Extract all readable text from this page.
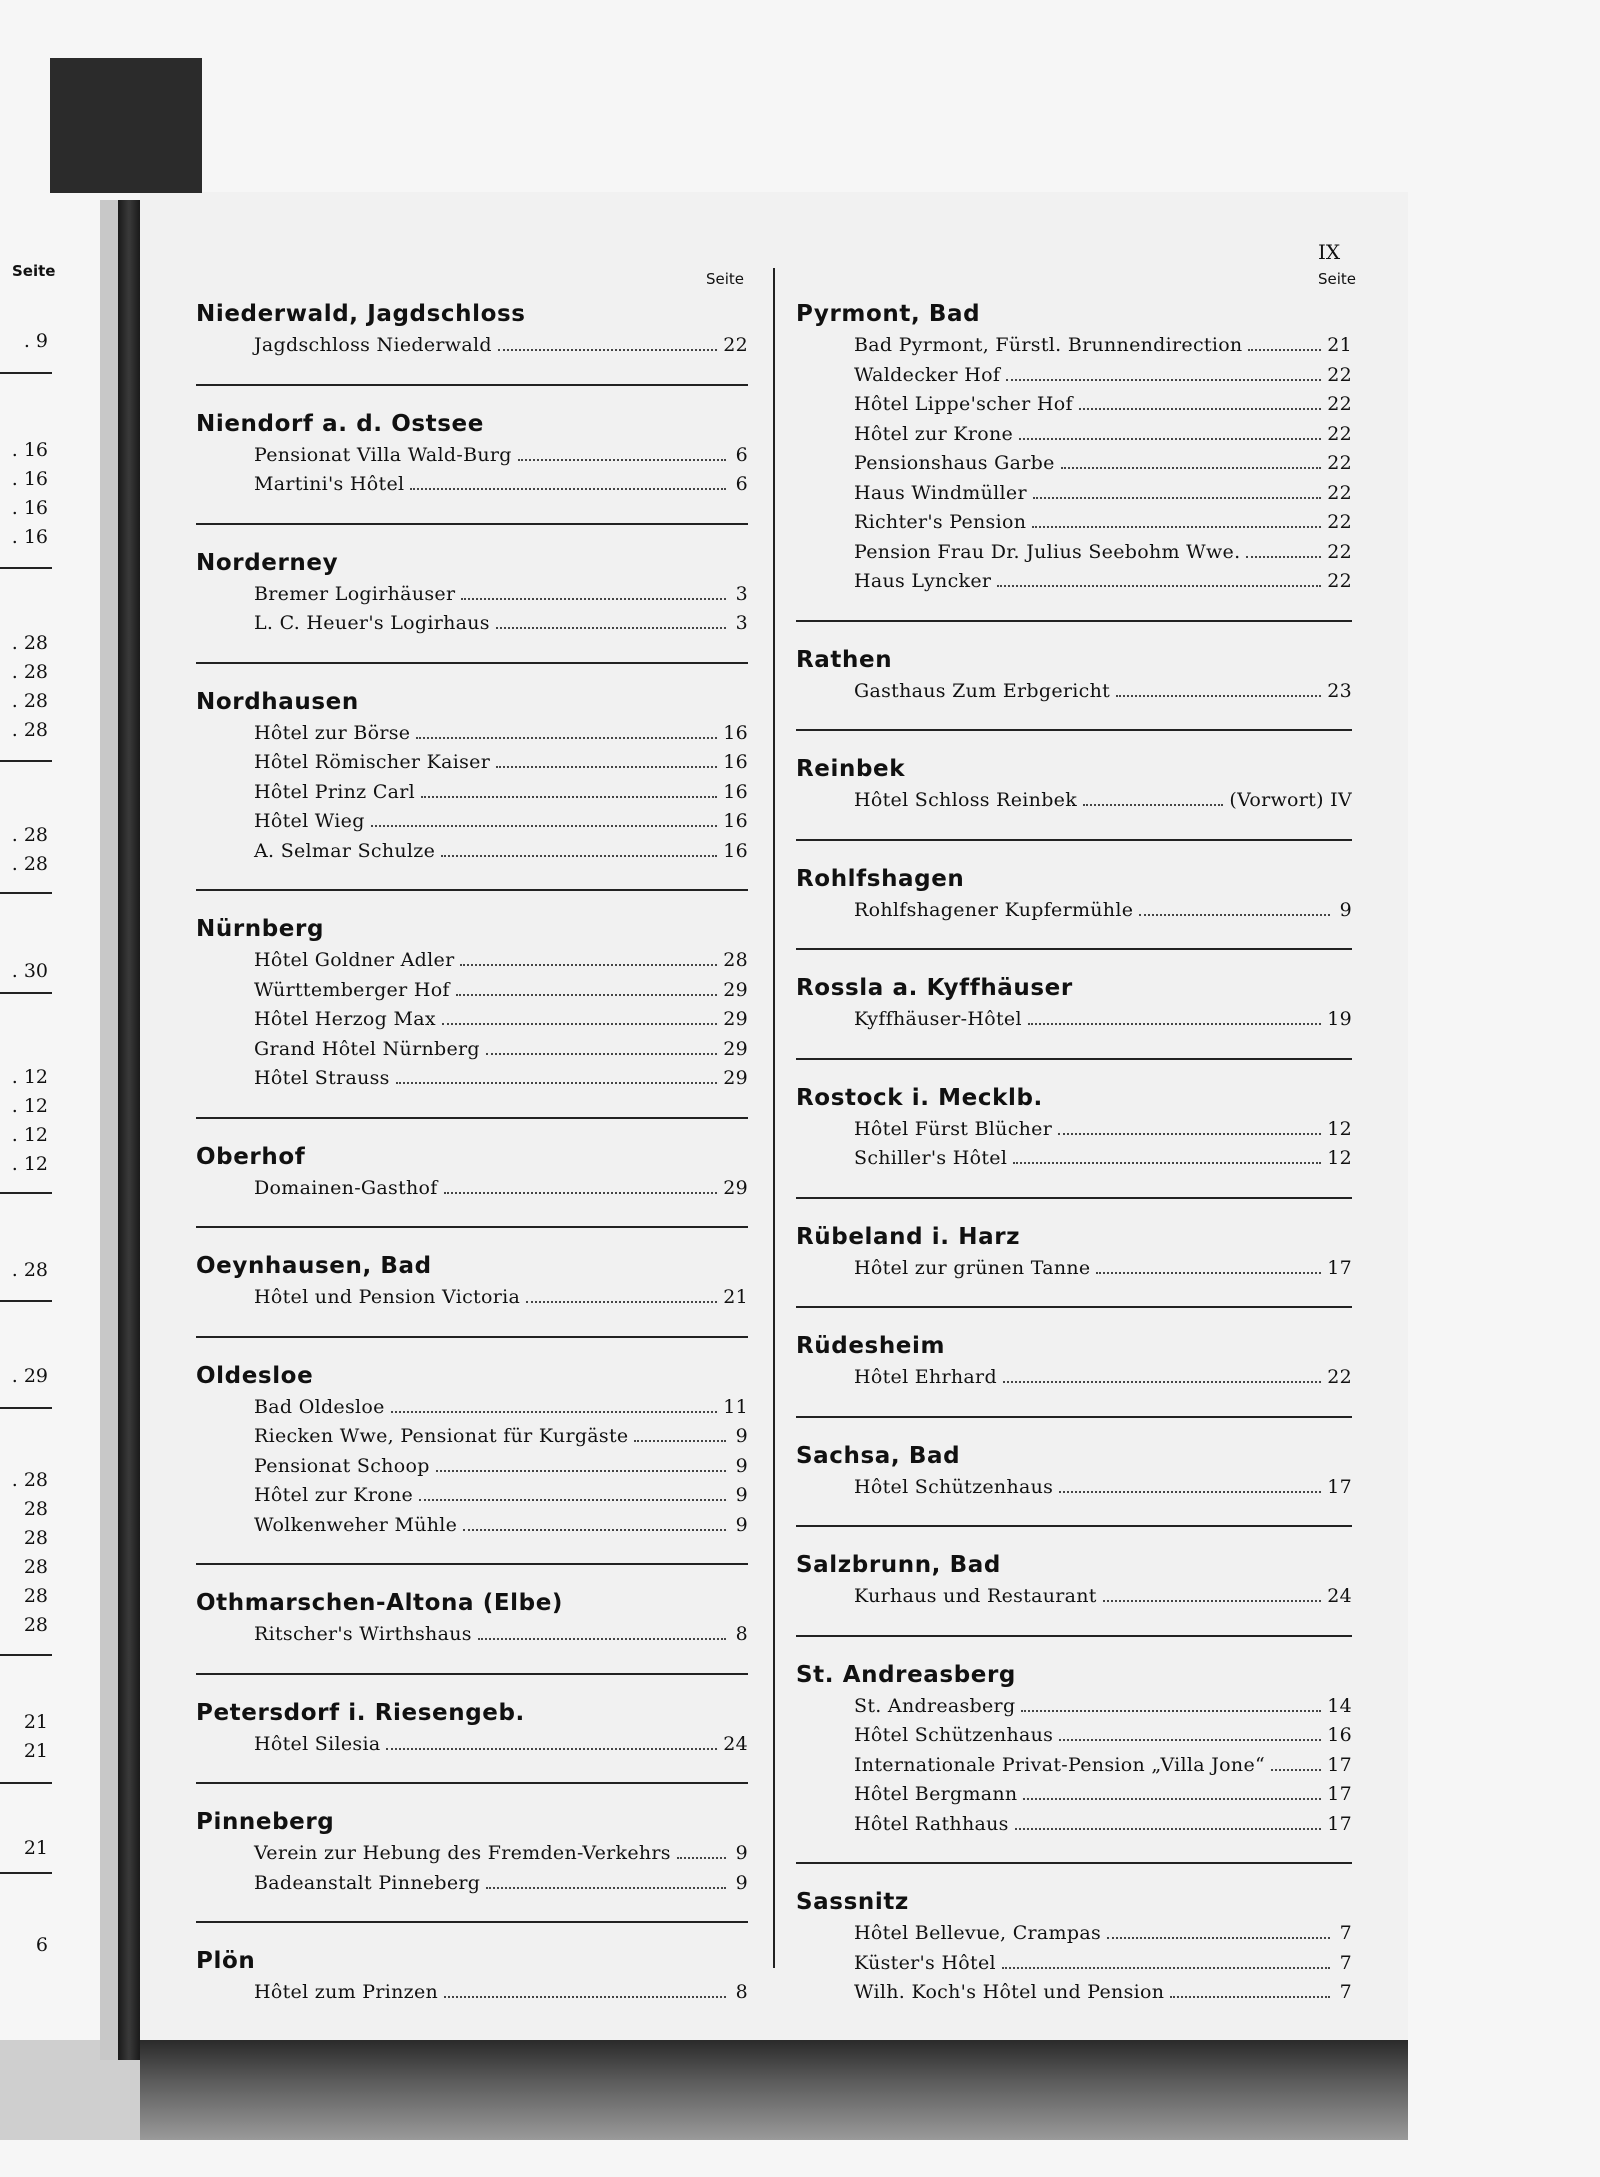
Seite
. 9
. 16
. 16
. 16
. 16
. 28
. 28
. 28
. 28
. 28
. 28
. 30
. 12
. 12
. 12
. 12
. 28
. 29
. 28
28
28
28
28
28
21
21
21
6
IX
Seite	Seite
Niederwald, Jagdschloss
Jagdschloss Niederwald	22
Niendorf a. d. Ostsee
Pensionat Villa Wald-Burg	6
Martini's Hôtel	6
Norderney
Bremer Logirhäuser	3
L. C. Heuer's Logirhaus	3
Nordhausen
Hôtel zur Börse	16
Hôtel Römischer Kaiser	16
Hôtel Prinz Carl	16
Hôtel Wieg	16
A. Selmar Schulze	16
Nürnberg
Hôtel Goldner Adler	28
Württemberger Hof	29
Hôtel Herzog Max	29
Grand Hôtel Nürnberg	29
Hôtel Strauss	29
Oberhof
Domainen-Gasthof	29
Oeynhausen, Bad
Hôtel und Pension Victoria	21
Oldesloe
Bad Oldesloe	11
Riecken Wwe, Pensionat für Kurgäste	9
Pensionat Schoop	9
Hôtel zur Krone	9
Wolkenweher Mühle	9
Othmarschen-Altona (Elbe)
Ritscher's Wirthshaus	8
Petersdorf i. Riesengeb.
Hôtel Silesia	24
Pinneberg
Verein zur Hebung des Fremden-Verkehrs	9
Badeanstalt Pinneberg	9
Plön
Hôtel zum Prinzen	8
Pyrmont, Bad
Bad Pyrmont, Fürstl. Brunnendirection	21
Waldecker Hof	22
Hôtel Lippe'scher Hof	22
Hôtel zur Krone	22
Pensionshaus Garbe	22
Haus Windmüller	22
Richter's Pension	22
Pension Frau Dr. Julius Seebohm Wwe.	22
Haus Lyncker	22
Rathen
Gasthaus Zum Erbgericht	23
Reinbek
Hôtel Schloss Reinbek	(Vorwort) IV
Rohlfshagen
Rohlfshagener Kupfermühle	9
Rossla a. Kyffhäuser
Kyffhäuser-Hôtel	19
Rostock i. Mecklb.
Hôtel Fürst Blücher	12
Schiller's Hôtel	12
Rübeland i. Harz
Hôtel zur grünen Tanne	17
Rüdesheim
Hôtel Ehrhard	22
Sachsa, Bad
Hôtel Schützenhaus	17
Salzbrunn, Bad
Kurhaus und Restaurant	24
St. Andreasberg
St. Andreasberg	14
Hôtel Schützenhaus	16
Internationale Privat-Pension „Villa Jone“	17
Hôtel Bergmann	17
Hôtel Rathhaus	17
Sassnitz
Hôtel Bellevue, Crampas	7
Küster's Hôtel	7
Wilh. Koch's Hôtel und Pension	7
